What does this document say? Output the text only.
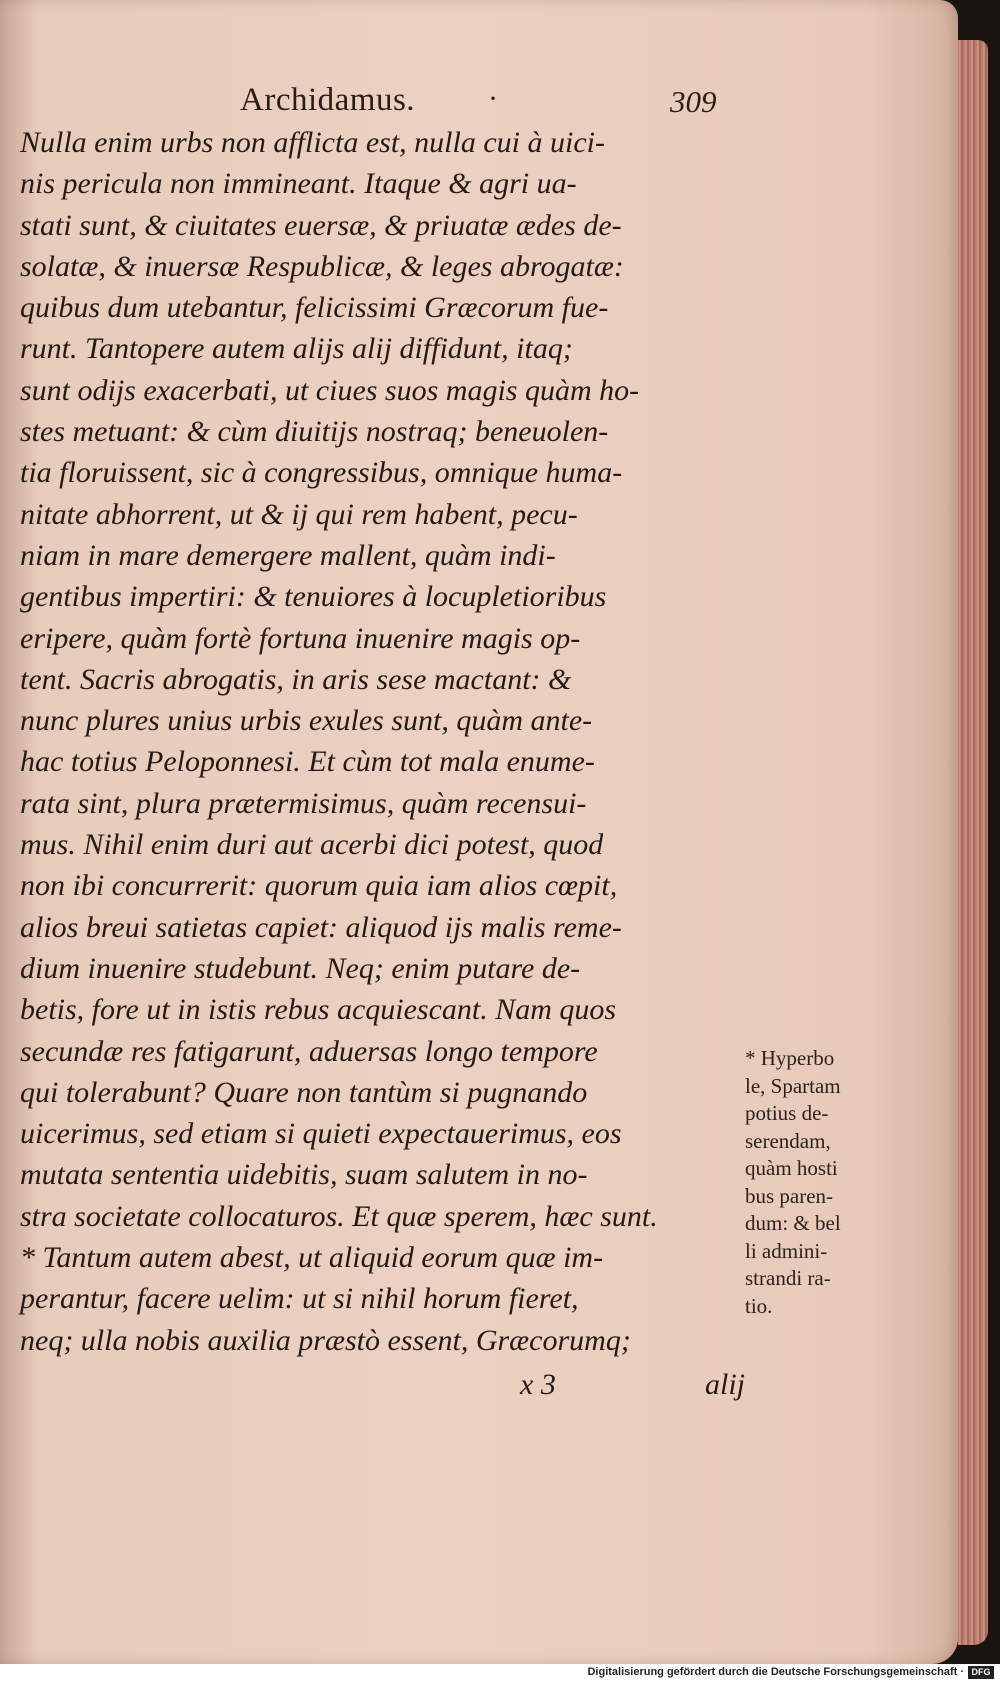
Archidamus. ·	309
Nulla enim urbs non afflicta est, nulla cui à uici-
nis pericula non immineant. Itaque & agri ua-
stati sunt, & ciuitates euersæ, & priuatæ ædes de-
solatæ, & inuersæ Respublicæ, & leges abrogatæ:
quibus dum utebantur, felicissimi Græcorum fue-
runt. Tantopere autem alijs alij diffidunt, itaq;
sunt odijs exacerbati, ut ciues suos magis quàm ho-
stes metuant: & cùm diuitijs nostraq; beneuolen-
tia floruissent, sic à congressibus, omnique huma-
nitate abhorrent, ut & ij qui rem habent, pecu-
niam in mare demergere mallent, quàm indi-
gentibus impertiri: & tenuiores à locupletioribus
eripere, quàm fortè fortuna inuenire magis op-
tent. Sacris abrogatis, in aris sese mactant: &
nunc plures unius urbis exules sunt, quàm ante-
hac totius Peloponnesi. Et cùm tot mala enume-
rata sint, plura prætermisimus, quàm recensui-
mus. Nihil enim duri aut acerbi dici potest, quod
non ibi concurrerit: quorum quia iam alios cœpit,
alios breui satietas capiet: aliquod ijs malis reme-
dium inuenire studebunt. Neq; enim putare de-
betis, fore ut in istis rebus acquiescant. Nam quos
secundæ res fatigarunt, aduersas longo tempore
qui tolerabunt? Quare non tantùm si pugnando
uicerimus, sed etiam si quieti expectauerimus, eos
mutata sententia uidebitis, suam salutem in no-
stra societate collocaturos. Et quæ sperem, hæc sunt.
* Tantum autem abest, ut aliquid eorum quæ im-
perantur, facere uelim: ut si nihil horum fieret,
neq; ulla nobis auxilia præstò essent, Græcorumq;
* Hyperbo
le, Spartam
potius de-
serendam,
quàm hosti
bus paren-
dum: & bel
li admini-
strandi ra-
tio.
x 3	alij
Digitalisierung gefördert durch die Deutsche Forschungsgemeinschaft · DFG
